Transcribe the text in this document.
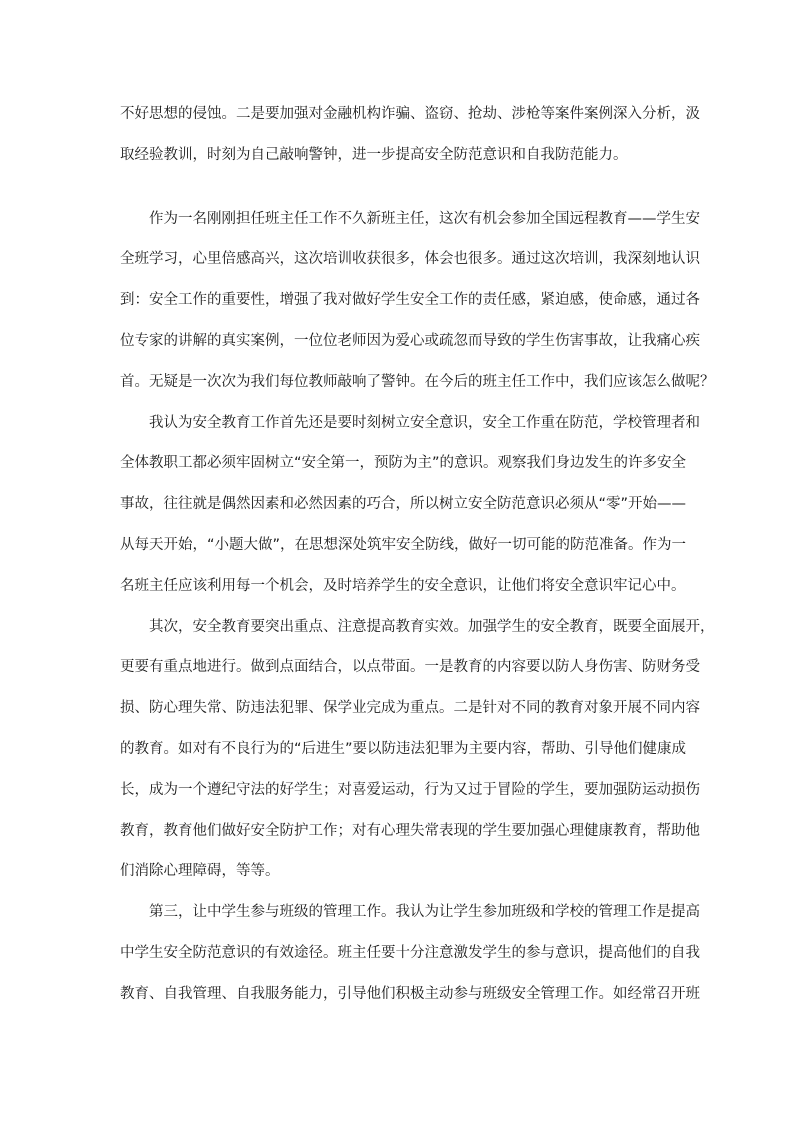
不好思想的侵蚀。二是要加强对金融机构诈骗、盗窃、抢劫、涉枪等案件案例深入分析，汲
取经验教训，时刻为自己敲响警钟，进一步提高安全防范意识和自我防范能力。
作为一名刚刚担任班主任工作不久新班主任，这次有机会参加全国远程教育——学生安
全班学习，心里倍感高兴，这次培训收获很多，体会也很多。通过这次培训，我深刻地认识
到：安全工作的重要性，增强了我对做好学生安全工作的责任感，紧迫感，使命感，通过各
位专家的讲解的真实案例，一位位老师因为爱心或疏忽而导致的学生伤害事故，让我痛心疾
首。无疑是一次次为我们每位教师敲响了警钟。在今后的班主任工作中，我们应该怎么做呢？
我认为安全教育工作首先还是要时刻树立安全意识，安全工作重在防范，学校管理者和
全体教职工都必须牢固树立“安全第一，预防为主”的意识。观察我们身边发生的许多安全
事故，往往就是偶然因素和必然因素的巧合，所以树立安全防范意识必须从“零”开始——
从每天开始，“小题大做”，在思想深处筑牢安全防线，做好一切可能的防范准备。作为一
名班主任应该利用每一个机会，及时培养学生的安全意识，让他们将安全意识牢记心中。
其次，安全教育要突出重点、注意提高教育实效。加强学生的安全教育，既要全面展开，
更要有重点地进行。做到点面结合，以点带面。一是教育的内容要以防人身伤害、防财务受
损、防心理失常、防违法犯罪、保学业完成为重点。二是针对不同的教育对象开展不同内容
的教育。如对有不良行为的“后进生”要以防违法犯罪为主要内容，帮助、引导他们健康成
长，成为一个遵纪守法的好学生；对喜爱运动，行为又过于冒险的学生，要加强防运动损伤
教育，教育他们做好安全防护工作；对有心理失常表现的学生要加强心理健康教育，帮助他
们消除心理障碍，等等。
第三，让中学生参与班级的管理工作。我认为让学生参加班级和学校的管理工作是提高
中学生安全防范意识的有效途径。班主任要十分注意激发学生的参与意识，提高他们的自我
教育、自我管理、自我服务能力，引导他们积极主动参与班级安全管理工作。如经常召开班
